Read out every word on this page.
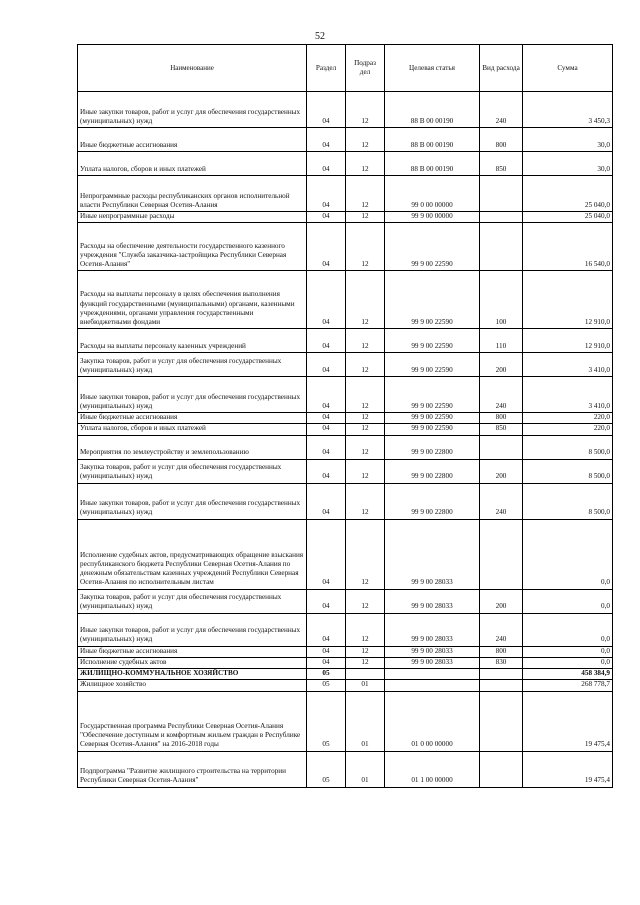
52
Наименование	Раздел	Подраз дел	Целевая статья	Вид расхода	Сумма
Иные закупки товаров, работ и услуг для обеспечения государственных (муниципальных) нужд	04	12	88 В 00 00190	240	3 450,3
Иные бюджетные ассигнования	04	12	88 В 00 00190	800	30,0
Уплата налогов, сборов и иных платежей	04	12	88 В 00 00190	850	30,0
Непрограммные расходы республиканских органов исполнительной власти Республики Северная Осетия-Алания	04	12	99 0 00 00000		25 040,0
Иные непрограммные расходы	04	12	99 9 00 00000		25 040,0
Расходы на обеспечение деятельности государственного казенного учреждения "Служба заказчика-застройщика Республики Северная Осетия-Алания"	04	12	99 9 00 22590		16 540,0
Расходы на выплаты персоналу в целях обеспечения выполнения функций государственными (муниципальными) органами, казенными учреждениями, органами управления государственными внебюджетными фондами	04	12	99 9 00 22590	100	12 910,0
Расходы на выплаты персоналу казенных учреждений	04	12	99 9 00 22590	110	12 910,0
Закупка товаров, работ и услуг для обеспечения государственных (муниципальных) нужд	04	12	99 9 00 22590	200	3 410,0
Иные закупки товаров, работ и услуг для обеспечения государственных (муниципальных) нужд	04	12	99 9 00 22590	240	3 410,0
Иные бюджетные ассигнования	04	12	99 9 00 22590	800	220,0
Уплата налогов, сборов и иных платежей	04	12	99 9 00 22590	850	220,0
Мероприятия по землеустройству и землепользованию	04	12	99 9 00 22800		8 500,0
Закупка товаров, работ и услуг для обеспечения государственных (муниципальных) нужд	04	12	99 9 00 22800	200	8 500,0
Иные закупки товаров, работ и услуг для обеспечения государственных (муниципальных) нужд	04	12	99 9 00 22800	240	8 500,0
Исполнение судебных актов, предусматривающих обращение взыскания республиканского бюджета Республики Северная Осетия-Алания по денежным обязательствам казенных учреждений Республики Северная Осетия-Алания по исполнительным листам	04	12	99 9 00 28033		0,0
Закупка товаров, работ и услуг для обеспечения государственных (муниципальных) нужд	04	12	99 9 00 28033	200	0,0
Иные закупки товаров, работ и услуг для обеспечения государственных (муниципальных) нужд	04	12	99 9 00 28033	240	0,0
Иные бюджетные ассигнования	04	12	99 9 00 28033	800	0,0
Исполнение судебных актов	04	12	99 9 00 28033	830	0,0
ЖИЛИЩНО-КОММУНАЛЬНОЕ ХОЗЯЙСТВО	05				458 384,9
Жилищное хозяйство	05	01			268 778,7
Государственная программа Республики Северная Осетия-Алания "Обеспечение доступным и комфортным жильем граждан в Республике Северная Осетия-Алания" на 2016-2018 годы	05	01	01 0 00 00000		19 475,4
Подпрограмма "Развитие жилищного строительства на территории Республики Северная Осетия-Алания"	05	01	01 1 00 00000		19 475,4
